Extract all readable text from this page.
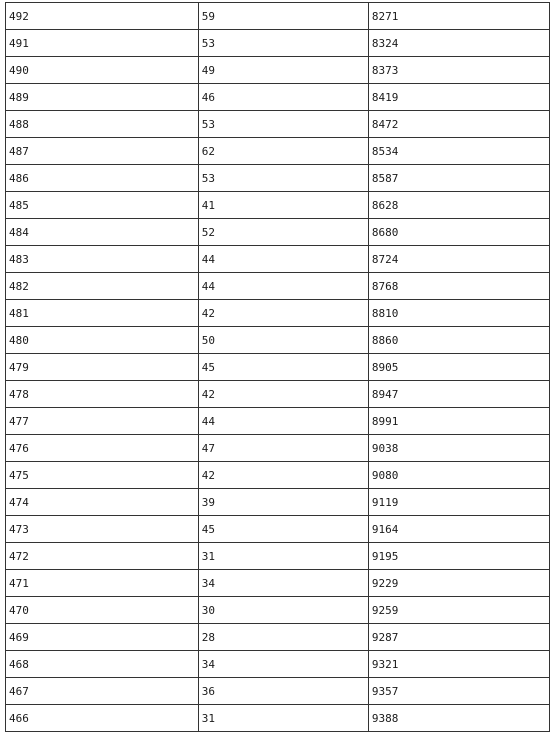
492	59	8271
491	53	8324
490	49	8373
489	46	8419
488	53	8472
487	62	8534
486	53	8587
485	41	8628
484	52	8680
483	44	8724
482	44	8768
481	42	8810
480	50	8860
479	45	8905
478	42	8947
477	44	8991
476	47	9038
475	42	9080
474	39	9119
473	45	9164
472	31	9195
471	34	9229
470	30	9259
469	28	9287
468	34	9321
467	36	9357
466	31	9388
